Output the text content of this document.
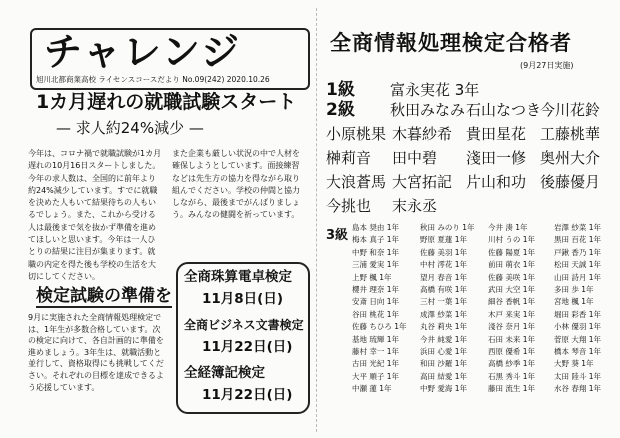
チャレンジ
旭川北都商業高校 ライセンスコースだより No.09(242) 2020.10.26
1カ月遅れの就職試験スタート
— 求人約24%減少 —
今年は、コロナ禍で就職試験が1カ月遅れの10月16日スタートしました。今年の求人数は、全国的に前年より約24%減少しています。すでに就職を決めた人もいて結果待ちの人もいるでしょう。また、これから受ける人は最後まで気を抜かず準備を進めてほしいと思います。今年は一人ひとりの結果に注目が集まります。就職の内定を得た後も学校の生活を大切にしてください。
また企業も厳しい状況の中で人材を確保しようとしています。面接練習などは先生方の協力を得ながら取り組んでください。学校の仲間と協力しながら、最後までがんばりましょう。みんなの健闘を祈っています。
検定試験の準備を
9月に実施された全商情報処理検定では、1年生が多数合格しています。次の検定に向けて、各自計画的に準備を進めましょう。3年生は、就職活動と並行して、資格取得にも挑戦してください。それぞれの目標を達成できるよう応援しています。
全商珠算電卓検定
11月8日(日)
全商ビジネス文書検定
11月22日(日)
全経簿記検定
11月22日(日)
全商情報処理検定合格者
(9月27日実施)
1級 富永実花 3年
2級 秋田みなみ 石山なつき
今川花鈴
小原桃果 木暮紗希 貴田星花 工藤桃華
榊莉音 田中碧 淺田一修 奥州大介
大浪蒼馬 大宮拓記 片山和功 後藤優月
今挑也 末永丞
3級
島本 奨由 1年
梅本 真子 1年
中野 和奈 1年
三浦 愛実 1年
上野 楓 1年
櫻井 理奈 1年
安斎 日向 1年
谷田 桃花 1年
佐藤 ちひろ 1年
基地 琉輝 1年
藤村 幸一 1年
古田 光紀 1年
大平 順子 1年
中瀬 蓮 1年
秋田 みのり 1年
野原 夏蓮 1年
佐藤 美羽 1年
中村 澪花 1年
望月 春音 1年
高橋 有咲 1年
三村 一葉 1年
成澤 紗菜 1年
丸谷 莉央 1年
今井 純愛 1年
浜田 心愛 1年
和田 沙羅 1年
高田 結愛 1年
中野 愛海 1年
今井 湊 1年
川村 うの 1年
佐藤 陽夏 1年
前田 萌衣 1年
佐藤 美咲 1年
武田 大空 1年
細谷 香帆 1年
木戸 来実 1年
淺谷 奈月 1年
石田 未来 1年
西原 優希 1年
高橋 紗季 1年
石黒 秀斗 1年
藤田 流生 1年
岩澤 紗菜 1年
黒田 百花 1年
戸鍬 香乃 1年
松田 天誠 1年
山田 詩月 1年
多田 歩 1年
宮地 楓 1年
堀田 彩香 1年
小林 優羽 1年
菅原 大翔 1年
橋本 琴音 1年
大野 葵 1年
太田 陸斗 1年
水谷 春翔 1年
